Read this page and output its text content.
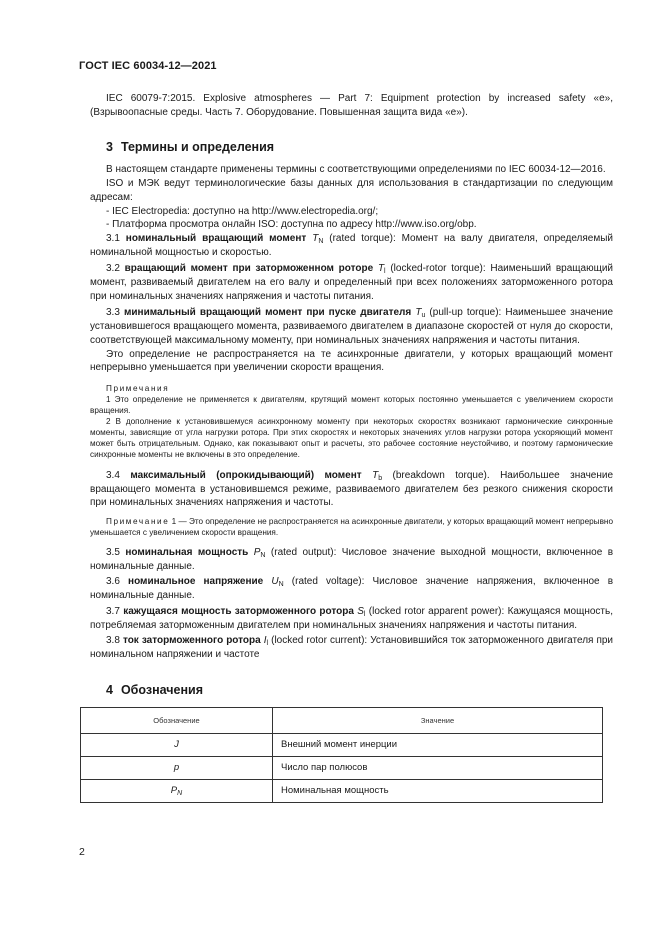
ГОСТ IEC 60034-12—2021

IEC 60079-7:2015. Explosive atmospheres — Part 7: Equipment protection by increased safety «e», (Взрывоопасные среды. Часть 7. Оборудование. Повышенная защита вида «e»).

3 Термины и определения

В настоящем стандарте применены термины с соответствующими определениями по IEC 60034-12—2016.

ISO и МЭК ведут терминологические базы данных для использования в стандартизации по следующим адресам:

- IEC Electropedia: доступно на http://www.electropedia.org/;

- Платформа просмотра онлайн ISO: доступна по адресу http://www.iso.org/obp.

3.1 номинальный вращающий момент $T_N$ (rated torque): Момент на валу двигателя, определяемый номинальной мощностью и скоростью.

3.2 вращающий момент при заторможенном роторе $T_l$ (locked-rotor torque): Наименьший вращающий момент, развиваемый двигателем на его валу и определенный при всех положениях заторможенного ротора при номинальных значениях напряжения и частоты питания.

3.3 минимальный вращающий момент при пуске двигателя $T_u$ (pull-up torque): Наименьшее значение установившегося вращающего момента, развиваемого двигателем в диапазоне скоростей от нуля до скорости, соответствующей максимальному моменту, при номинальных значениях напряжения и частоты питания.

Это определение не распространяется на те асинхронные двигатели, у которых вращающий момент непрерывно уменьшается при увеличении скорости вращения.

Примечания

1 Это определение не применяется к двигателям, крутящий момент которых постоянно уменьшается с увеличением скорости вращения.

2 В дополнение к установившемуся асинхронному моменту при некоторых скоростях возникают гармонические синхронные моменты, зависящие от угла нагрузки ротора. При этих скоростях и некоторых значениях углов нагрузки ротора ускоряющий момент может быть отрицательным. Однако, как показывают опыт и расчеты, это рабочее состояние неустойчиво, и поэтому гармонические синхронные моменты не включены в это определение.

3.4 максимальный (опрокидывающий) момент $T_b$ (breakdown torque). Наибольшее значение вращающего момента в установившемся режиме, развиваемого двигателем без резкого снижения скорости при номинальных значениях напряжения и частоты.

Примечание 1 — Это определение не распространяется на асинхронные двигатели, у которых вращающий момент непрерывно уменьшается с увеличением скорости вращения.

3.5 номинальная мощность $P_N$ (rated output): Числовое значение выходной мощности, включенное в номинальные данные.

3.6 номинальное напряжение $U_N$ (rated voltage): Числовое значение напряжения, включенное в номинальные данные.

3.7 кажущаяся мощность заторможенного ротора $S_l$ (locked rotor apparent power): Кажущаяся мощность, потребляемая заторможенным двигателем при номинальных значениях напряжения и частоты питания.

3.8 ток заторможенного ротора $I_l$ (locked rotor current): Установившийся ток заторможенного двигателя при номинальном напряжении и частоте

4 Обозначения
Обозначение	Значение
J	Внешний момент инерции
p	Число пар полюсов
$P_N$	Номинальная мощность
2
